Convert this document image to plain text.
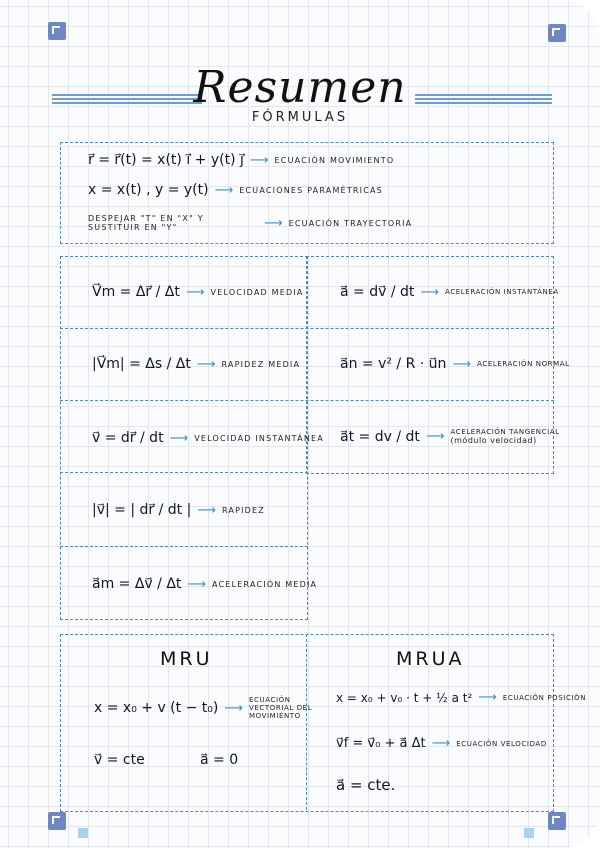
Resumen
FÓRMULAS
r⃗ = r⃗(t) = x(t) i⃗ + y(t) j⃗ ⟶ ECUACIÓN MOVIMIENTO
x = x(t) , y = y(t) ⟶ ECUACIONES PARAMÉTRICAS
DESPEJAR "T" EN "X" Y SUSTITUIR EN "Y"	⟶ ECUACIÓN TRAYECTORIA
V⃗m = Δr⃗ / Δt ⟶ VELOCIDAD MEDIA
|V⃗m| = Δs / Δt ⟶ RAPIDEZ MEDIA
v⃗ = dr⃗ / dt ⟶ VELOCIDAD INSTANTÁNEA
|v⃗| = | dr⃗ / dt | ⟶ RAPIDEZ
a⃗m = Δv⃗ / Δt ⟶ ACELERACIÓN MEDIA
a⃗ = dv⃗ / dt ⟶ ACELERACIÓN INSTANTÁNEA
a⃗n = v² / R · u⃗n ⟶ ACELERACIÓN NORMAL
a⃗t = dv / dt ⟶ ACELERACIÓN TANGENCIAL
(módulo velocidad)
MRU
x = x₀ + v (t − t₀) ⟶
ECUACIÓN VECTORIAL DEL MOVIMIENTO
v⃗ = cte	a⃗ = 0
MRUA
x = x₀ + v₀ · t + ½ a t² ⟶ ECUACIÓN POSICIÓN
v⃗f = v⃗₀ + a⃗ Δt ⟶ ECUACIÓN VELOCIDAD
a⃗ = cte.
